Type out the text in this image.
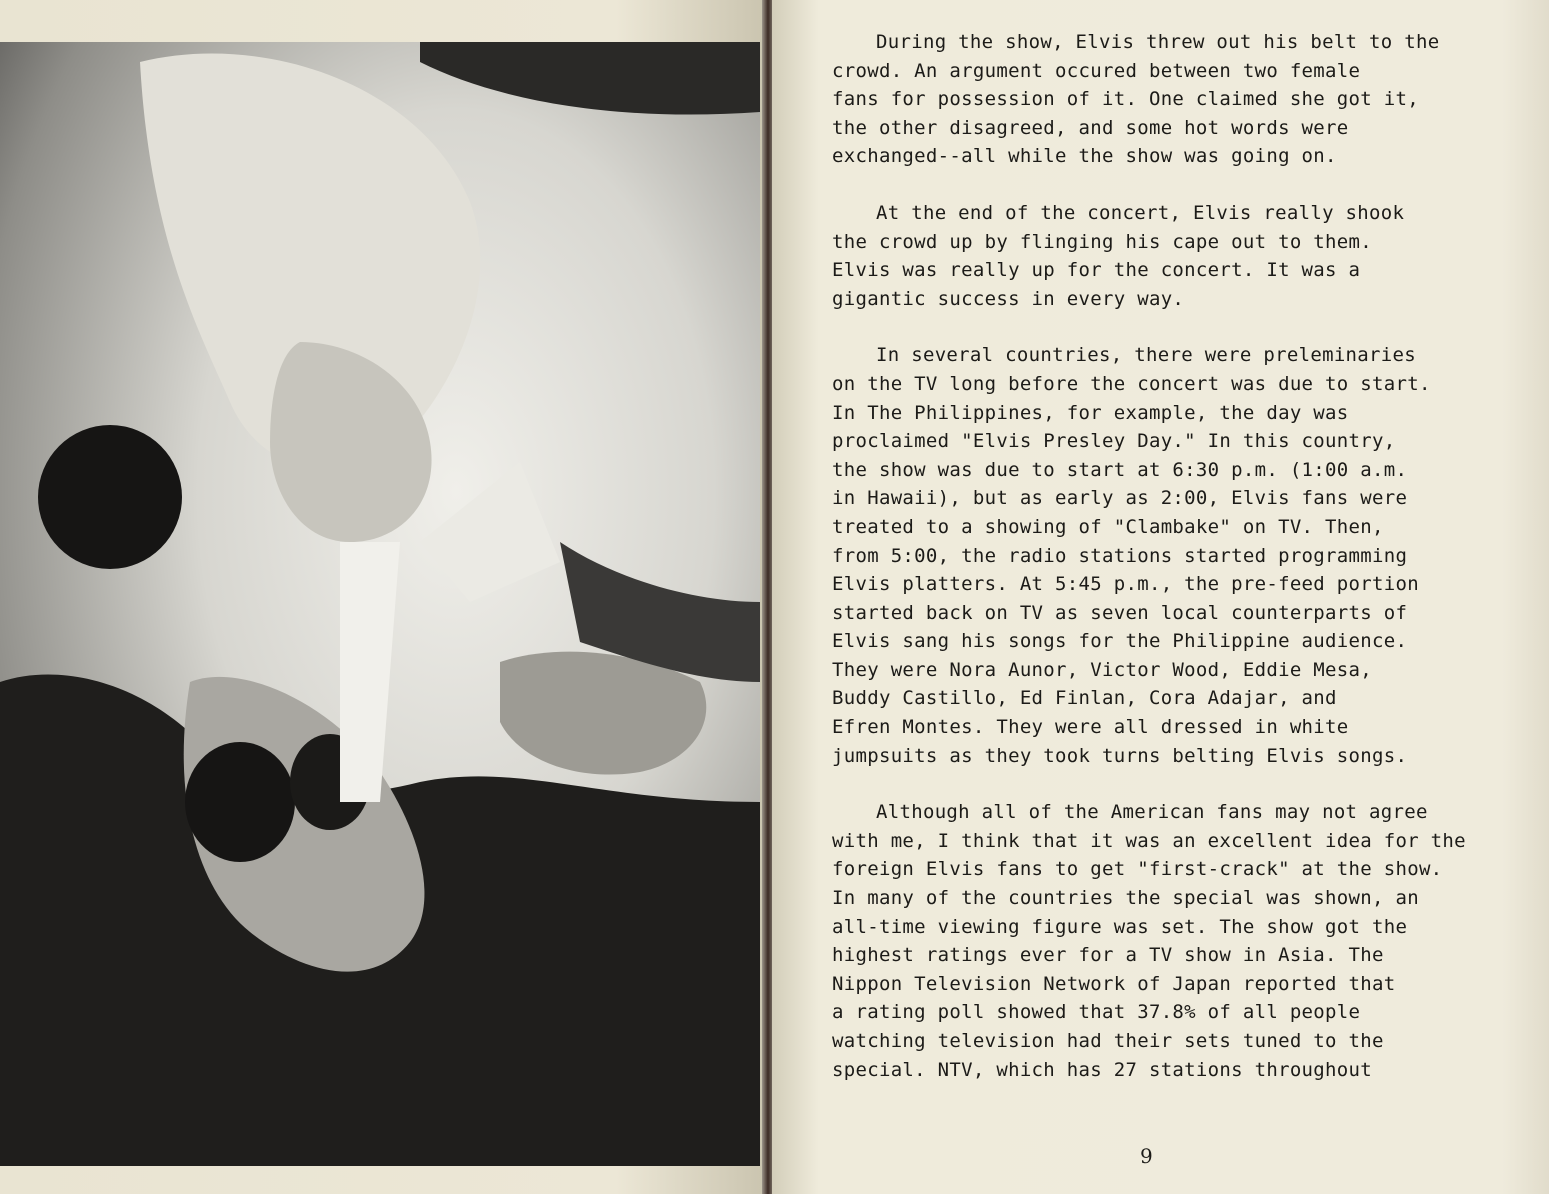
During the show, Elvis threw out his belt to the
crowd. An argument occured between two female
fans for possession of it. One claimed she got it,
the other disagreed, and some hot words were
exchanged--all while the show was going on.

At the end of the concert, Elvis really shook
the crowd up by flinging his cape out to them.
Elvis was really up for the concert. It was a
gigantic success in every way.

In several countries, there were preleminaries
on the TV long before the concert was due to start.
In The Philippines, for example, the day was
proclaimed "Elvis Presley Day." In this country,
the show was due to start at 6:30 p.m. (1:00 a.m.
in Hawaii), but as early as 2:00, Elvis fans were
treated to a showing of "Clambake" on TV. Then,
from 5:00, the radio stations started programming
Elvis platters. At 5:45 p.m., the pre-feed portion
started back on TV as seven local counterparts of
Elvis sang his songs for the Philippine audience.
They were Nora Aunor, Victor Wood, Eddie Mesa,
Buddy Castillo, Ed Finlan, Cora Adajar, and
Efren Montes. They were all dressed in white
jumpsuits as they took turns belting Elvis songs.

Although all of the American fans may not agree
with me, I think that it was an excellent idea for the
foreign Elvis fans to get "first-crack" at the show.
In many of the countries the special was shown, an
all-time viewing figure was set. The show got the
highest ratings ever for a TV show in Asia. The
Nippon Television Network of Japan reported that
a rating poll showed that 37.8% of all people
watching television had their sets tuned to the
special. NTV, which has 27 stations throughout

9
